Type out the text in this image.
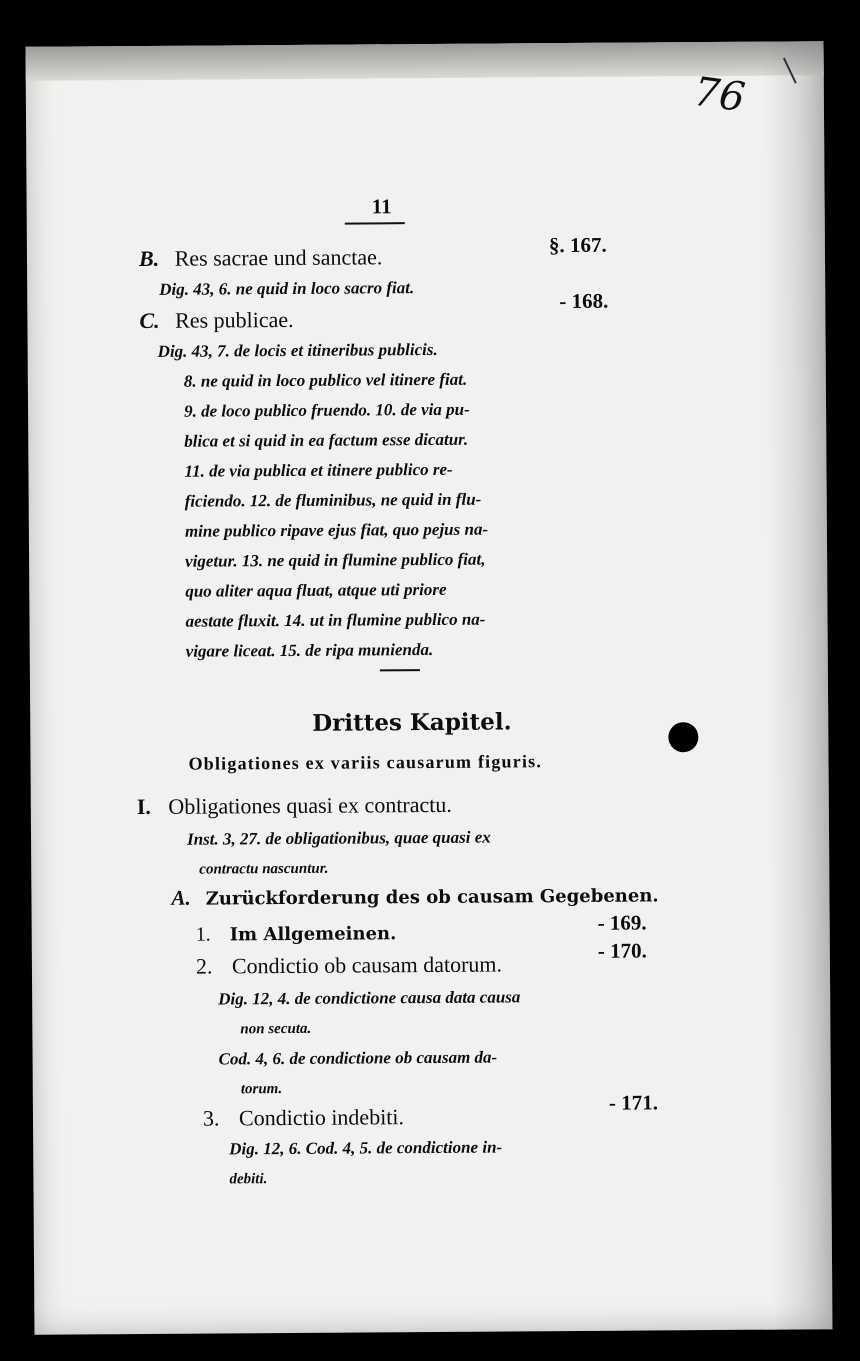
76
11
B. Res sacrae und sanctae.	§. 167.
Dig. 43, 6. ne quid in loco sacro fiat.
C. Res publicae.
- 168.
Dig. 43, 7. de locis et itineribus publicis.
8. ne quid in loco publico vel itinere fiat.
9. de loco publico fruendo. 10. de via pu-
blica et si quid in ea factum esse dicatur.
11. de via publica et itinere publico re-
ficiendo. 12. de fluminibus, ne quid in flu-
mine publico ripave ejus fiat, quo pejus na-
vigetur. 13. ne quid in flumine publico fiat,
quo aliter aqua fluat, atque uti priore
aestate fluxit. 14. ut in flumine publico na-
vigare liceat. 15. de ripa munienda.
Drittes Kapitel.
Obligationes ex variis causarum figuris.
I. Obligationes quasi ex contractu.
Inst. 3, 27. de obligationibus, quae quasi ex
contractu nascuntur.
A. Zurückforderung des ob causam Gegebenen.
1. Im Allgemeinen.	- 169.
2. Condictio ob causam datorum.
- 170.
Dig. 12, 4. de condictione causa data causa
non secuta.
Cod. 4, 6. de condictione ob causam da-
torum.
3. Condictio indebiti.
- 171.
Dig. 12, 6. Cod. 4, 5. de condictione in-
debiti.
